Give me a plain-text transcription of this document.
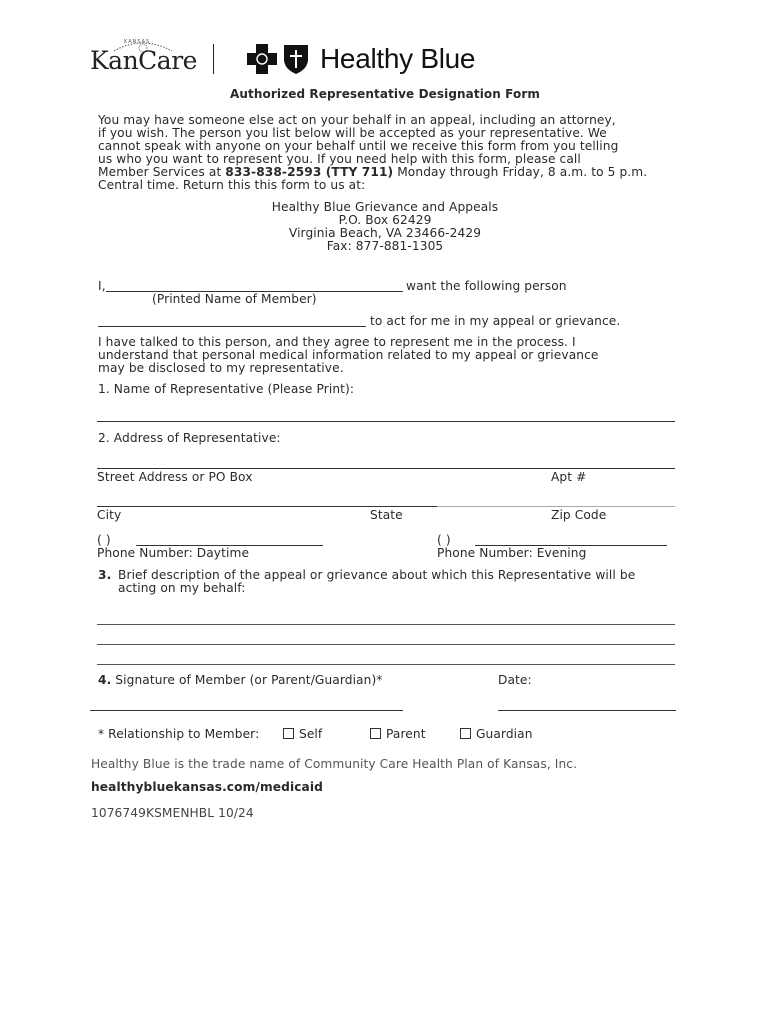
KANSAS
KanCare	Healthy Blue
Authorized Representative Designation Form
You may have someone else act on your behalf in an appeal, including an attorney,
if you wish. The person you list below will be accepted as your representative. We
cannot speak with anyone on your behalf until we receive this form from you telling
us who you want to represent you. If you need help with this form, please call
Member Services at 833-838-2593 (TTY 711) Monday through Friday, 8 a.m. to 5 p.m.
Central time. Return this this form to us at:
Healthy Blue Grievance and Appeals
P.O. Box 62429
Virginia Beach, VA 23466-2429
Fax: 877-881-1305
I,	want the following person
(Printed Name of Member)
to act for me in my appeal or grievance.
I have talked to this person, and they agree to represent me in the process. I
understand that personal medical information related to my appeal or grievance
may be disclosed to my representative.
1. Name of Representative (Please Print):
2. Address of Representative:
Street Address or PO Box	Apt #
City	State	Zip Code
( )
Phone Number: Daytime
( )
Phone Number: Evening
3. Brief description of the appeal or grievance about which this Representative will be
acting on my behalf:
4. Signature of Member (or Parent/Guardian)*	Date:
* Relationship to Member:	Self	Parent	Guardian
Healthy Blue is the trade name of Community Care Health Plan of Kansas, Inc.
healthybluekansas.com/medicaid
1076749KSMENHBL 10/24
